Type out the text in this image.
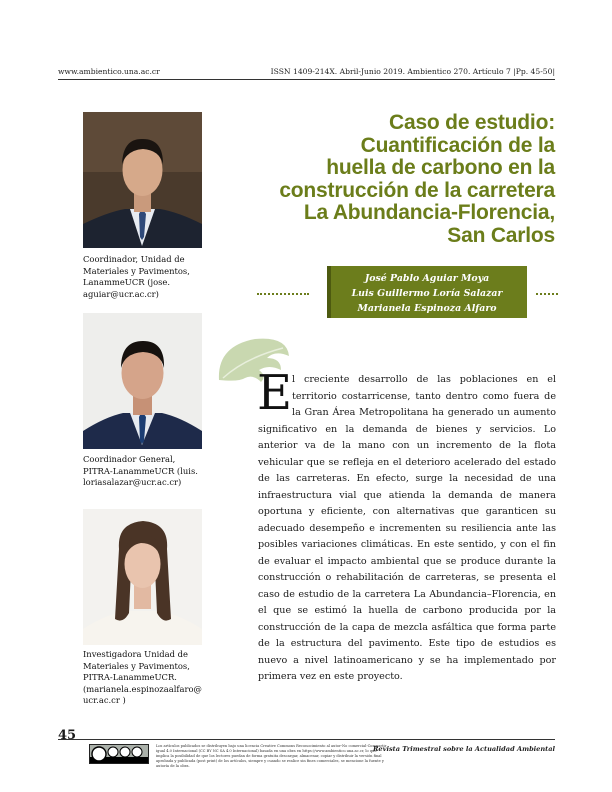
www.ambientico.una.ac.cr	ISSN 1409-214X. Abril-Junio 2019. Ambientico 270. Artículo 7 |Pp. 45-50|
Coordinador, Unidad de
Materiales y Pavimentos,
LanammeUCR (jose.
aguiar@ucr.ac.cr)
Coordinador General,
PITRA-LanammeUCR (luis.
loriasalazar@ucr.ac.cr)
Investigadora Unidad de
Materiales y Pavimentos,
PITRA-LanammeUCR.
(marianela.espinozaalfaro@
ucr.ac.cr )
Caso de estudio:
Cuantificación de la
huella de carbono en la
construcción de la carretera
La Abundancia-Florencia,
San Carlos
José Pablo Aguiar Moya
Luis Guillermo Loría Salazar
Marianela Espinoza Alfaro
E l creciente desarrollo de las poblaciones en el territorio costarricense, tanto dentro como fuera de la Gran Área Metropolitana ha generado un aumento significativo en la demanda de bienes y servicios. Lo anterior va de la mano con un incremento de la flota vehicular que se refleja en el deterioro acelerado del estado de las carreteras. En efecto, surge la necesidad de una infraestructura vial que atienda la demanda de manera oportuna y eficiente, con alternativas que garanticen su adecuado desempeño e incrementen su resiliencia ante las posibles variaciones climáticas. En este sentido, y con el fin de evaluar el impacto ambiental que se produce durante la construcción o rehabilitación de carreteras, se presenta el caso de estudio de la carretera La Abundancia–Florencia, en el que se estimó la huella de carbono producida por la construcción de la capa de mezcla asfáltica que forma parte de la estructura del pavimento. Este tipo de estudios es nuevo a nivel latinoamericano y se ha implementado por primera vez en este proyecto.
45
Los artículos publicados se distribuyen bajo una licencia Creative Commons Reconocimiento al autor-No comercial-Compartir igual 4.0 Internacional (CC BY NC SA 4.0 Internacional) basada en una obra en https://www.ambientico.una.ac.cr, lo que implica la posibilidad de que los lectores puedan de forma gratuita descargar, almacenar, copiar y distribuir la versión final aprobada y publicada (post print) de los artículos, siempre y cuando se realice sin fines comerciales, se mencione la fuente y autoría de la obra.
Revista Trimestral sobre la Actualidad Ambiental
